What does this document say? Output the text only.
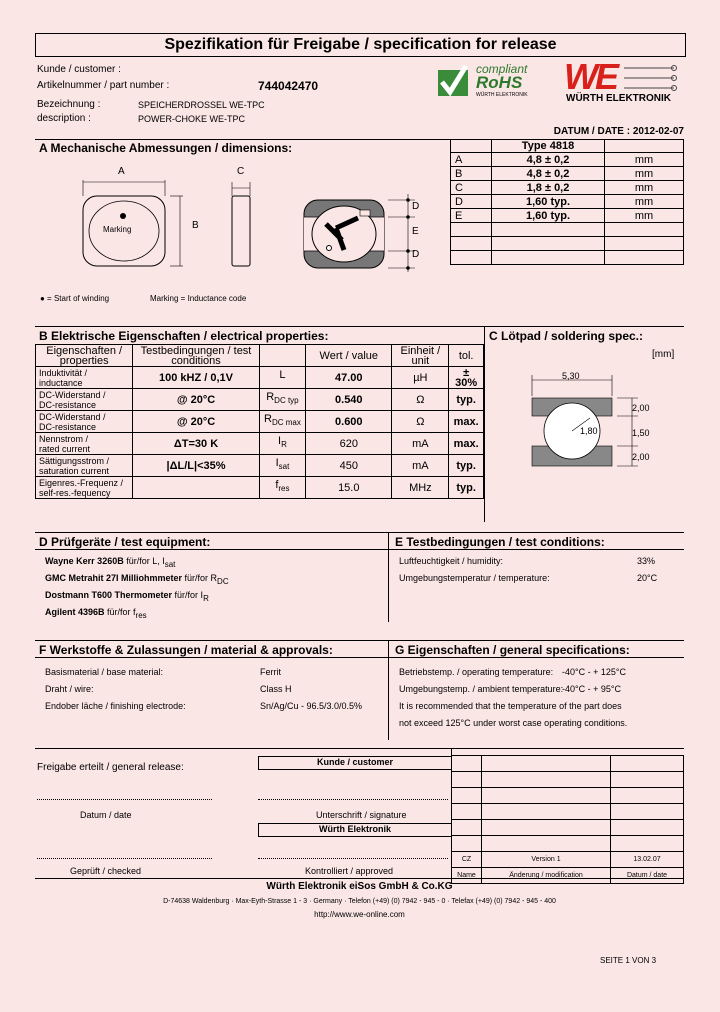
Spezifikation für Freigabe / specification for release
Kunde / customer :
Artikelnummer / part number :	744042470
Bezeichnung :	SPEICHERDROSSEL WE-TPC
description :	POWER-CHOKE WE-TPC
compliant
RoHS
WÜRTH ELEKTRONIK WE
WÜRTH ELEKTRONIK
DATUM / DATE : 2012-02-07
A Mechanische Abmessungen / dimensions:
A
B
C
D
E
D
Marking
● = Start of winding	Marking = Inductance code
	Type 4818	
A	4,8 ± 0,2	mm
B	4,8 ± 0,2	mm
C	1,8 ± 0,2	mm
D	1,60 typ.	mm
E	1,60 typ.	mm

B Elektrische Eigenschaften / electrical properties:	C Lötpad / soldering spec.:
Eigenschaften / properties	Testbedingungen / test conditions		Wert / value	Einheit / unit	tol.

Induktivität /
inductance	100 kHZ / 0,1V	L	47.00	µH	± 30%

DC-Widerstand /
DC-resistance	@ 20°C	$R_{DC typ}$	0.540	Ω	typ.

DC-Widerstand /
DC-resistance	@ 20°C	$R_{DC max}$	0.600	Ω	max.

Nennstrom /
rated current	ΔT=30 K	$I_R$	620	mA	max.

Sättigungsstrom /
saturation current	|ΔL/L|<35%	$I_{sat}$	450	mA	typ.

Eigenres.-Frequenz /
self-res.-fequency		$f_{res}$	15.0	MHz	typ.
[mm]
5,30
2,00
1,50
2,00
1,80
D Prüfgeräte / test equipment:	E Testbedingungen / test conditions:
Wayne Kerr 3260B für/for L, $I_{sat}$
GMC Metrahit 27I Milliohmmeter für/for $R_{DC}$
Dostmann T600 Thermometer für/for $I_R$
Agilent 4396B für/for $f_{res}$
Luftfeuchtigkeit / humidity:	33%
Umgebungstemperatur / temperature:	20°C
F Werkstoffe & Zulassungen / material & approvals:	G Eigenschaften / general specifications:
Basismaterial / base material:	Ferrit
Draht / wire:	Class H
Endober läche / finishing electrode:	Sn/Ag/Cu - 96.5/3.0/0.5%
Betriebstemp. / operating temperature: -40°C - + 125°C
Umgebungstemp. / ambient temperature:
-40°C - + 95°C
It is recommended that the temperature of the part does
not exceed 125°C under worst case operating conditions.
Freigabe erteilt / general release:	Kunde / customer
Datum / date	Unterschrift / signature
Würth Elektronik
Geprüft / checked	Kontrolliert / approved

CZ	Version 1	13.02.07
Name	Änderung / modification	Datum / date
Würth Elektronik eiSos GmbH & Co.KG
D-74638 Waldenburg · Max-Eyth-Strasse 1 - 3 · Germany · Telefon (+49) (0) 7942 - 945 - 0 · Telefax (+49) (0) 7942 - 945 - 400
http://www.we-online.com
SEITE 1 VON 3
